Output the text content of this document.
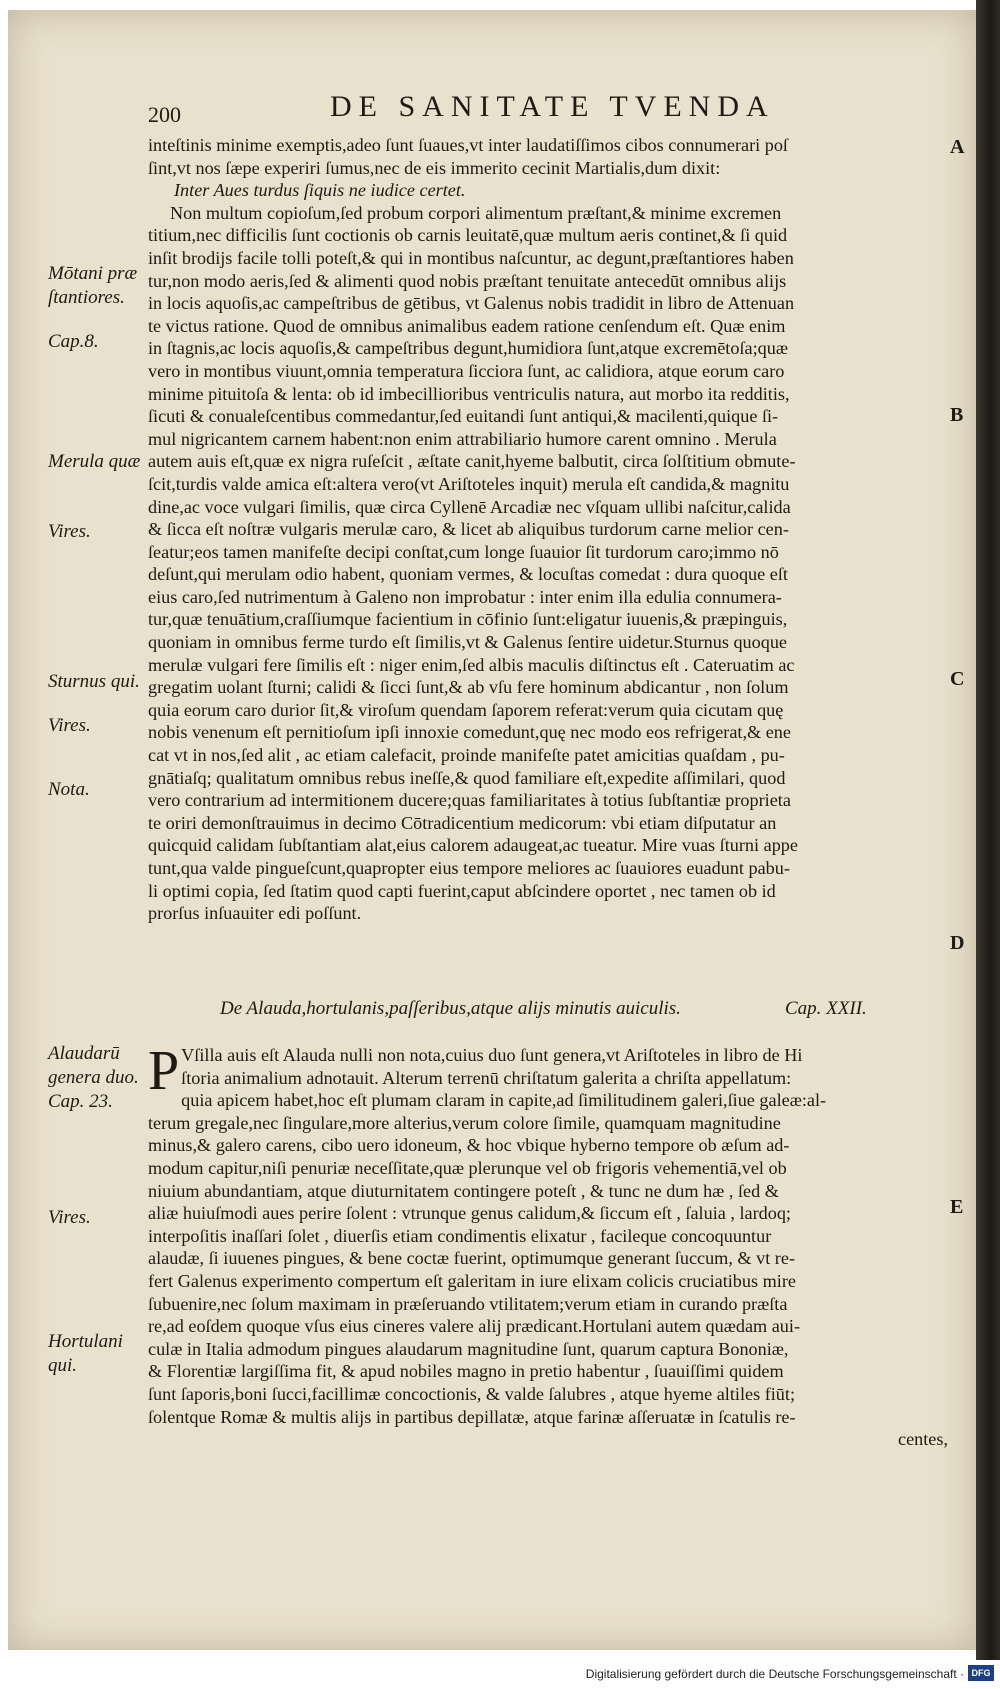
200	DE SANITATE TVENDA
inteſtinis minime exemptis,adeo ſunt ſuaues,vt inter laudatiſſimos cibos connumerari poſ
ſint,vt nos ſæpe experiri ſumus,nec de eis immerito cecinit Martialis,dum dixit:
Inter Aues turdus ſiquis ne iudice certet.
Non multum copioſum,ſed probum corpori alimentum præſtant,& minime excremen
titium,nec difficilis ſunt coctionis ob carnis leuitatē,quæ multum aeris continet,& ſi quid
inſit brodijs facile tolli poteſt,& qui in montibus naſcuntur, ac degunt,præſtantiores haben
tur,non modo aeris,ſed & alimenti quod nobis præſtant tenuitate antecedūt omnibus alijs
in locis aquoſis,ac campeſtribus de gētibus, vt Galenus nobis tradidit in libro de Attenuan
te victus ratione. Quod de omnibus animalibus eadem ratione cenſendum eſt. Quæ enim
in ſtagnis,ac locis aquoſis,& campeſtribus degunt,humidiora ſunt,atque excremētoſa;quæ
vero in montibus viuunt,omnia temperatura ſicciora ſunt, ac calidiora, atque eorum caro
minime pituitoſa & lenta: ob id imbecillioribus ventriculis natura, aut morbo ita redditis,
ſicuti & conualeſcentibus commedantur,ſed euitandi ſunt antiqui,& macilenti,quique ſi-
mul nigricantem carnem habent:non enim attrabiliario humore carent omnino . Merula
autem auis eſt,quæ ex nigra ruſeſcit , æſtate canit,hyeme balbutit, circa ſolſtitium obmute-
ſcit,turdis valde amica eſt:altera vero(vt Ariſtoteles inquit) merula eſt candida,& magnitu
dine,ac voce vulgari ſimilis, quæ circa Cyllenē Arcadiæ nec vſquam ullibi naſcitur,calida
& ſicca eſt noſtræ vulgaris merulæ caro, & licet ab aliquibus turdorum carne melior cen-
ſeatur;eos tamen manifeſte decipi conſtat,cum longe ſuauior ſit turdorum caro;immo nō
deſunt,qui merulam odio habent, quoniam vermes, & locuſtas comedat : dura quoque eſt
eius caro,ſed nutrimentum à Galeno non improbatur : inter enim illa edulia connumera-
tur,quæ tenuātium,craſſiumque facientium in cōfinio ſunt:eligatur iuuenis,& præpinguis,
quoniam in omnibus ferme turdo eſt ſimilis,vt & Galenus ſentire uidetur.Sturnus quoque
merulæ vulgari fere ſimilis eſt : niger enim,ſed albis maculis diſtinctus eſt . Cateruatim ac
gregatim uolant ſturni; calidi & ſicci ſunt,& ab vſu fere hominum abdicantur , non ſolum
quia eorum caro durior ſit,& viroſum quendam ſaporem referat:verum quia cicutam quę
nobis venenum eſt pernitioſum ipſi innoxie comedunt,quę nec modo eos refrigerat,& ene
cat vt in nos,ſed alit , ac etiam calefacit, proinde manifeſte patet amicitias quaſdam , pu-
gnātiaſq; qualitatum omnibus rebus ineſſe,& quod familiare eſt,expedite aſſimilari, quod
vero contrarium ad intermitionem ducere;quas familiaritates à totius ſubſtantiæ proprieta
te oriri demonſtrauimus in decimo Cōtradicentium medicorum: vbi etiam diſputatur an
quicquid calidam ſubſtantiam alat,eius calorem adaugeat,ac tueatur. Mire vuas ſturni appe
tunt,qua valde pingueſcunt,quapropter eius tempore meliores ac ſuauiores euadunt pabu-
li optimi copia, ſed ſtatim quod capti fuerint,caput abſcindere oportet , nec tamen ob id
prorſus inſuauiter edi poſſunt.
De Alauda,hortulanis,paſſeribus,atque alijs minutis auiculis.	Cap. XXII.
P Vſilla auis eſt Alauda nulli non nota,cuius duo ſunt genera,vt Ariſtoteles in libro de Hi
ſtoria animalium adnotauit. Alterum terrenū chriſtatum galerita a chriſta appellatum:
quia apicem habet,hoc eſt plumam claram in capite,ad ſimilitudinem galeri,ſiue galeæ:al-
terum gregale,nec ſingulare,more alterius,verum colore ſimile, quamquam magnitudine
minus,& galero carens, cibo uero idoneum, & hoc vbique hyberno tempore ob æſum ad-
modum capitur,niſi penuriæ neceſſitate,quæ plerunque vel ob frigoris vehementiā,vel ob
niuium abundantiam, atque diuturnitatem contingere poteſt , & tunc ne dum hæ , ſed &
aliæ huiuſmodi aues perire ſolent : vtrunque genus calidum,& ſiccum eſt , ſaluia , lardoq;
interpoſitis inaſſari ſolet , diuerſis etiam condimentis elixatur , facileque concoquuntur
alaudæ, ſi iuuenes pingues, & bene coctæ fuerint, optimumque generant ſuccum, & vt re-
fert Galenus experimento compertum eſt galeritam in iure elixam colicis cruciatibus mire
ſubuenire,nec ſolum maximam in præſeruando vtilitatem;verum etiam in curando præſta
re,ad eoſdem quoque vſus eius cineres valere alij prædicant.Hortulani autem quædam aui-
culæ in Italia admodum pingues alaudarum magnitudine ſunt, quarum captura Bononiæ,
& Florentiæ largiſſima fit, & apud nobiles magno in pretio habentur , ſuauiſſimi quidem
ſunt ſaporis,boni ſucci,facillimæ concoctionis, & valde ſalubres , atque hyeme altiles fiūt;
ſolentque Romæ & multis alijs in partibus depillatæ, atque farinæ aſſeruatæ in ſcatulis re-
centes,
Mōtani præ ſtantiores.
Cap.8.
Merula quæ
Vires.
Sturnus qui.
Vires.
Nota.
Alaudarū genera duo. Cap. 23.
Vires.
Hortulani qui.
A
B
C
D
E
Digitalisierung gefördert durch die Deutsche Forschungsgemeinschaft · DFG
